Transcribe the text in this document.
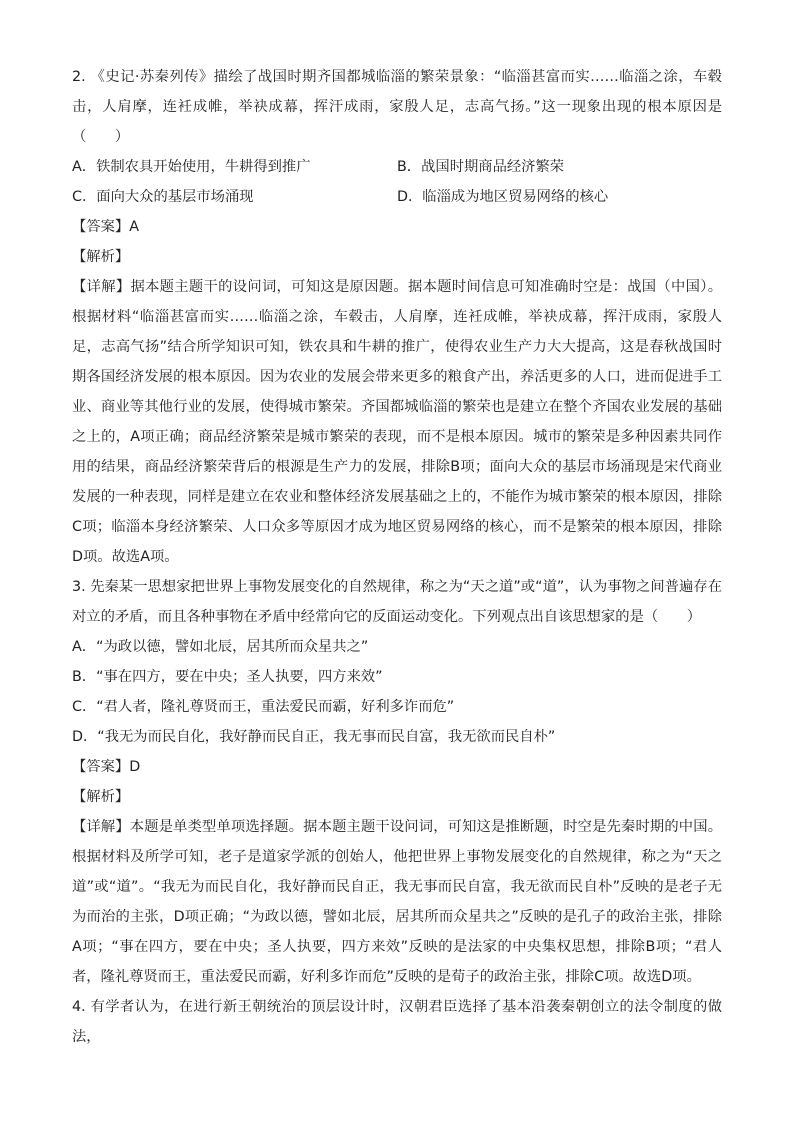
2. 《史记·苏秦列传》描绘了战国时期齐国都城临淄的繁荣景象：“临淄甚富而实……临淄之涂，车毂击，人肩摩，连衽成帷，举袂成幕，挥汗成雨，家殷人足，志高气扬。”这一现象出现的根本原因是（　　）

A．铁制农具开始使用，牛耕得到推广	B．战国时期商品经济繁荣
C．面向大众的基层市场涌现	D．临淄成为地区贸易网络的核心

【答案】A

【解析】

【详解】据本题主题干的设问词，可知这是原因题。据本题时间信息可知准确时空是：战国（中国）。根据材料“临淄甚富而实……临淄之涂，车毂击，人肩摩，连衽成帷，举袂成幕，挥汗成雨，家殷人足，志高气扬”结合所学知识可知，铁农具和牛耕的推广，使得农业生产力大大提高，这是春秋战国时期各国经济发展的根本原因。因为农业的发展会带来更多的粮食产出，养活更多的人口，进而促进手工业、商业等其他行业的发展，使得城市繁荣。齐国都城临淄的繁荣也是建立在整个齐国农业发展的基础之上的，A项正确；商品经济繁荣是城市繁荣的表现，而不是根本原因。城市的繁荣是多种因素共同作用的结果，商品经济繁荣背后的根源是生产力的发展，排除B项；面向大众的基层市场涌现是宋代商业发展的一种表现，同样是建立在农业和整体经济发展基础之上的，不能作为城市繁荣的根本原因，排除C项；临淄本身经济繁荣、人口众多等原因才成为地区贸易网络的核心，而不是繁荣的根本原因，排除D项。故选A项。

3. 先秦某一思想家把世界上事物发展变化的自然规律，称之为“天之道”或“道”，认为事物之间普遍存在对立的矛盾，而且各种事物在矛盾中经常向它的反面运动变化。下列观点出自该思想家的是（　　）

A．“为政以德，譬如北辰，居其所而众星共之”

B．“事在四方，要在中央；圣人执要，四方来效”

C．“君人者，隆礼尊贤而王，重法爱民而霸，好利多诈而危”

D．“我无为而民自化，我好静而民自正，我无事而民自富，我无欲而民自朴”

【答案】D

【解析】

【详解】本题是单类型单项选择题。据本题主题干设问词，可知这是推断题，时空是先秦时期的中国。根据材料及所学可知，老子是道家学派的创始人，他把世界上事物发展变化的自然规律，称之为“天之道”或“道”。“我无为而民自化，我好静而民自正，我无事而民自富，我无欲而民自朴”反映的是老子无为而治的主张，D项正确；“为政以德，譬如北辰，居其所而众星共之”反映的是孔子的政治主张，排除A项；“事在四方，要在中央；圣人执要，四方来效”反映的是法家的中央集权思想，排除B项；“君人者，隆礼尊贤而王，重法爱民而霸，好利多诈而危”反映的是荀子的政治主张，排除C项。故选D项。

4. 有学者认为，在进行新王朝统治的顶层设计时，汉朝君臣选择了基本沿袭秦朝创立的法令制度的做法，
